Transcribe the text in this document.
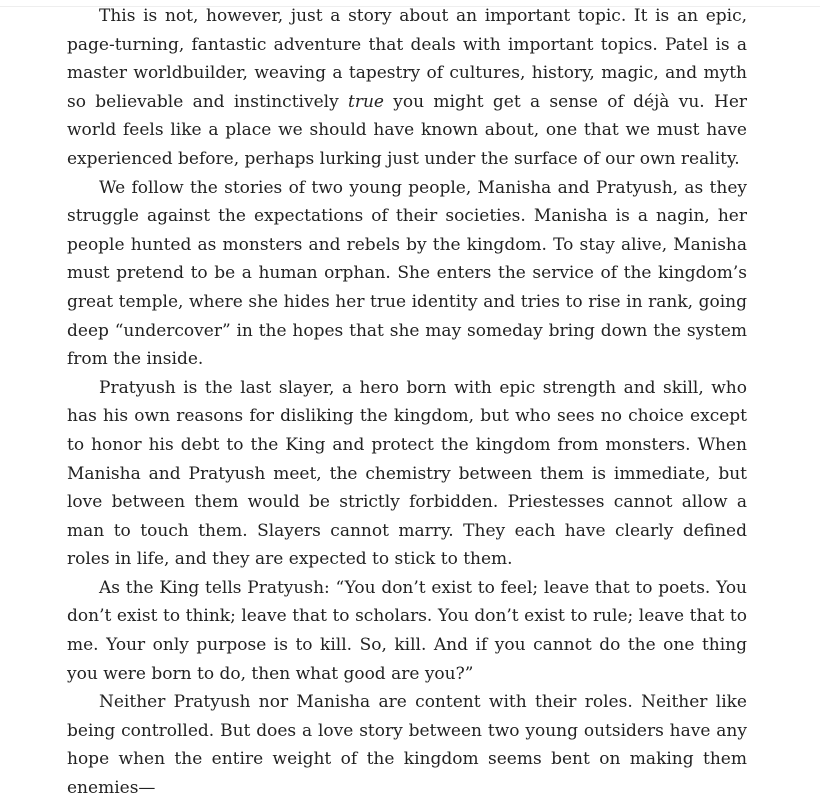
This is not, however, just a story about an important topic. It is an epic, page-turning, fantastic adventure that deals with important topics. Patel is a master worldbuilder, weaving a tapestry of cultures, history, magic, and myth so believable and instinctively true you might get a sense of déjà vu. Her world feels like a place we should have known about, one that we must have experienced before, perhaps lurking just under the surface of our own reality.

We follow the stories of two young people, Manisha and Pratyush, as they struggle against the expectations of their societies. Manisha is a nagin, her people hunted as monsters and rebels by the kingdom. To stay alive, Manisha must pretend to be a human orphan. She enters the service of the kingdom’s great temple, where she hides her true identity and tries to rise in rank, going deep “undercover” in the hopes that she may someday bring down the system from the inside.

Pratyush is the last slayer, a hero born with epic strength and skill, who has his own reasons for disliking the kingdom, but who sees no choice except to honor his debt to the King and protect the kingdom from monsters. When Manisha and Pratyush meet, the chemistry between them is immediate, but love between them would be strictly forbidden. Priestesses cannot allow a man to touch them. Slayers cannot marry. They each have clearly defined roles in life, and they are expected to stick to them.

As the King tells Pratyush: “You don’t exist to feel; leave that to poets. You don’t exist to think; leave that to scholars. You don’t exist to rule; leave that to me. Your only purpose is to kill. So, kill. And if you cannot do the one thing you were born to do, then what good are you?”

Neither Pratyush nor Manisha are content with their roles. Neither like being controlled. But does a love story between two young outsiders have any hope when the entire weight of the kingdom seems bent on making them enemies—
